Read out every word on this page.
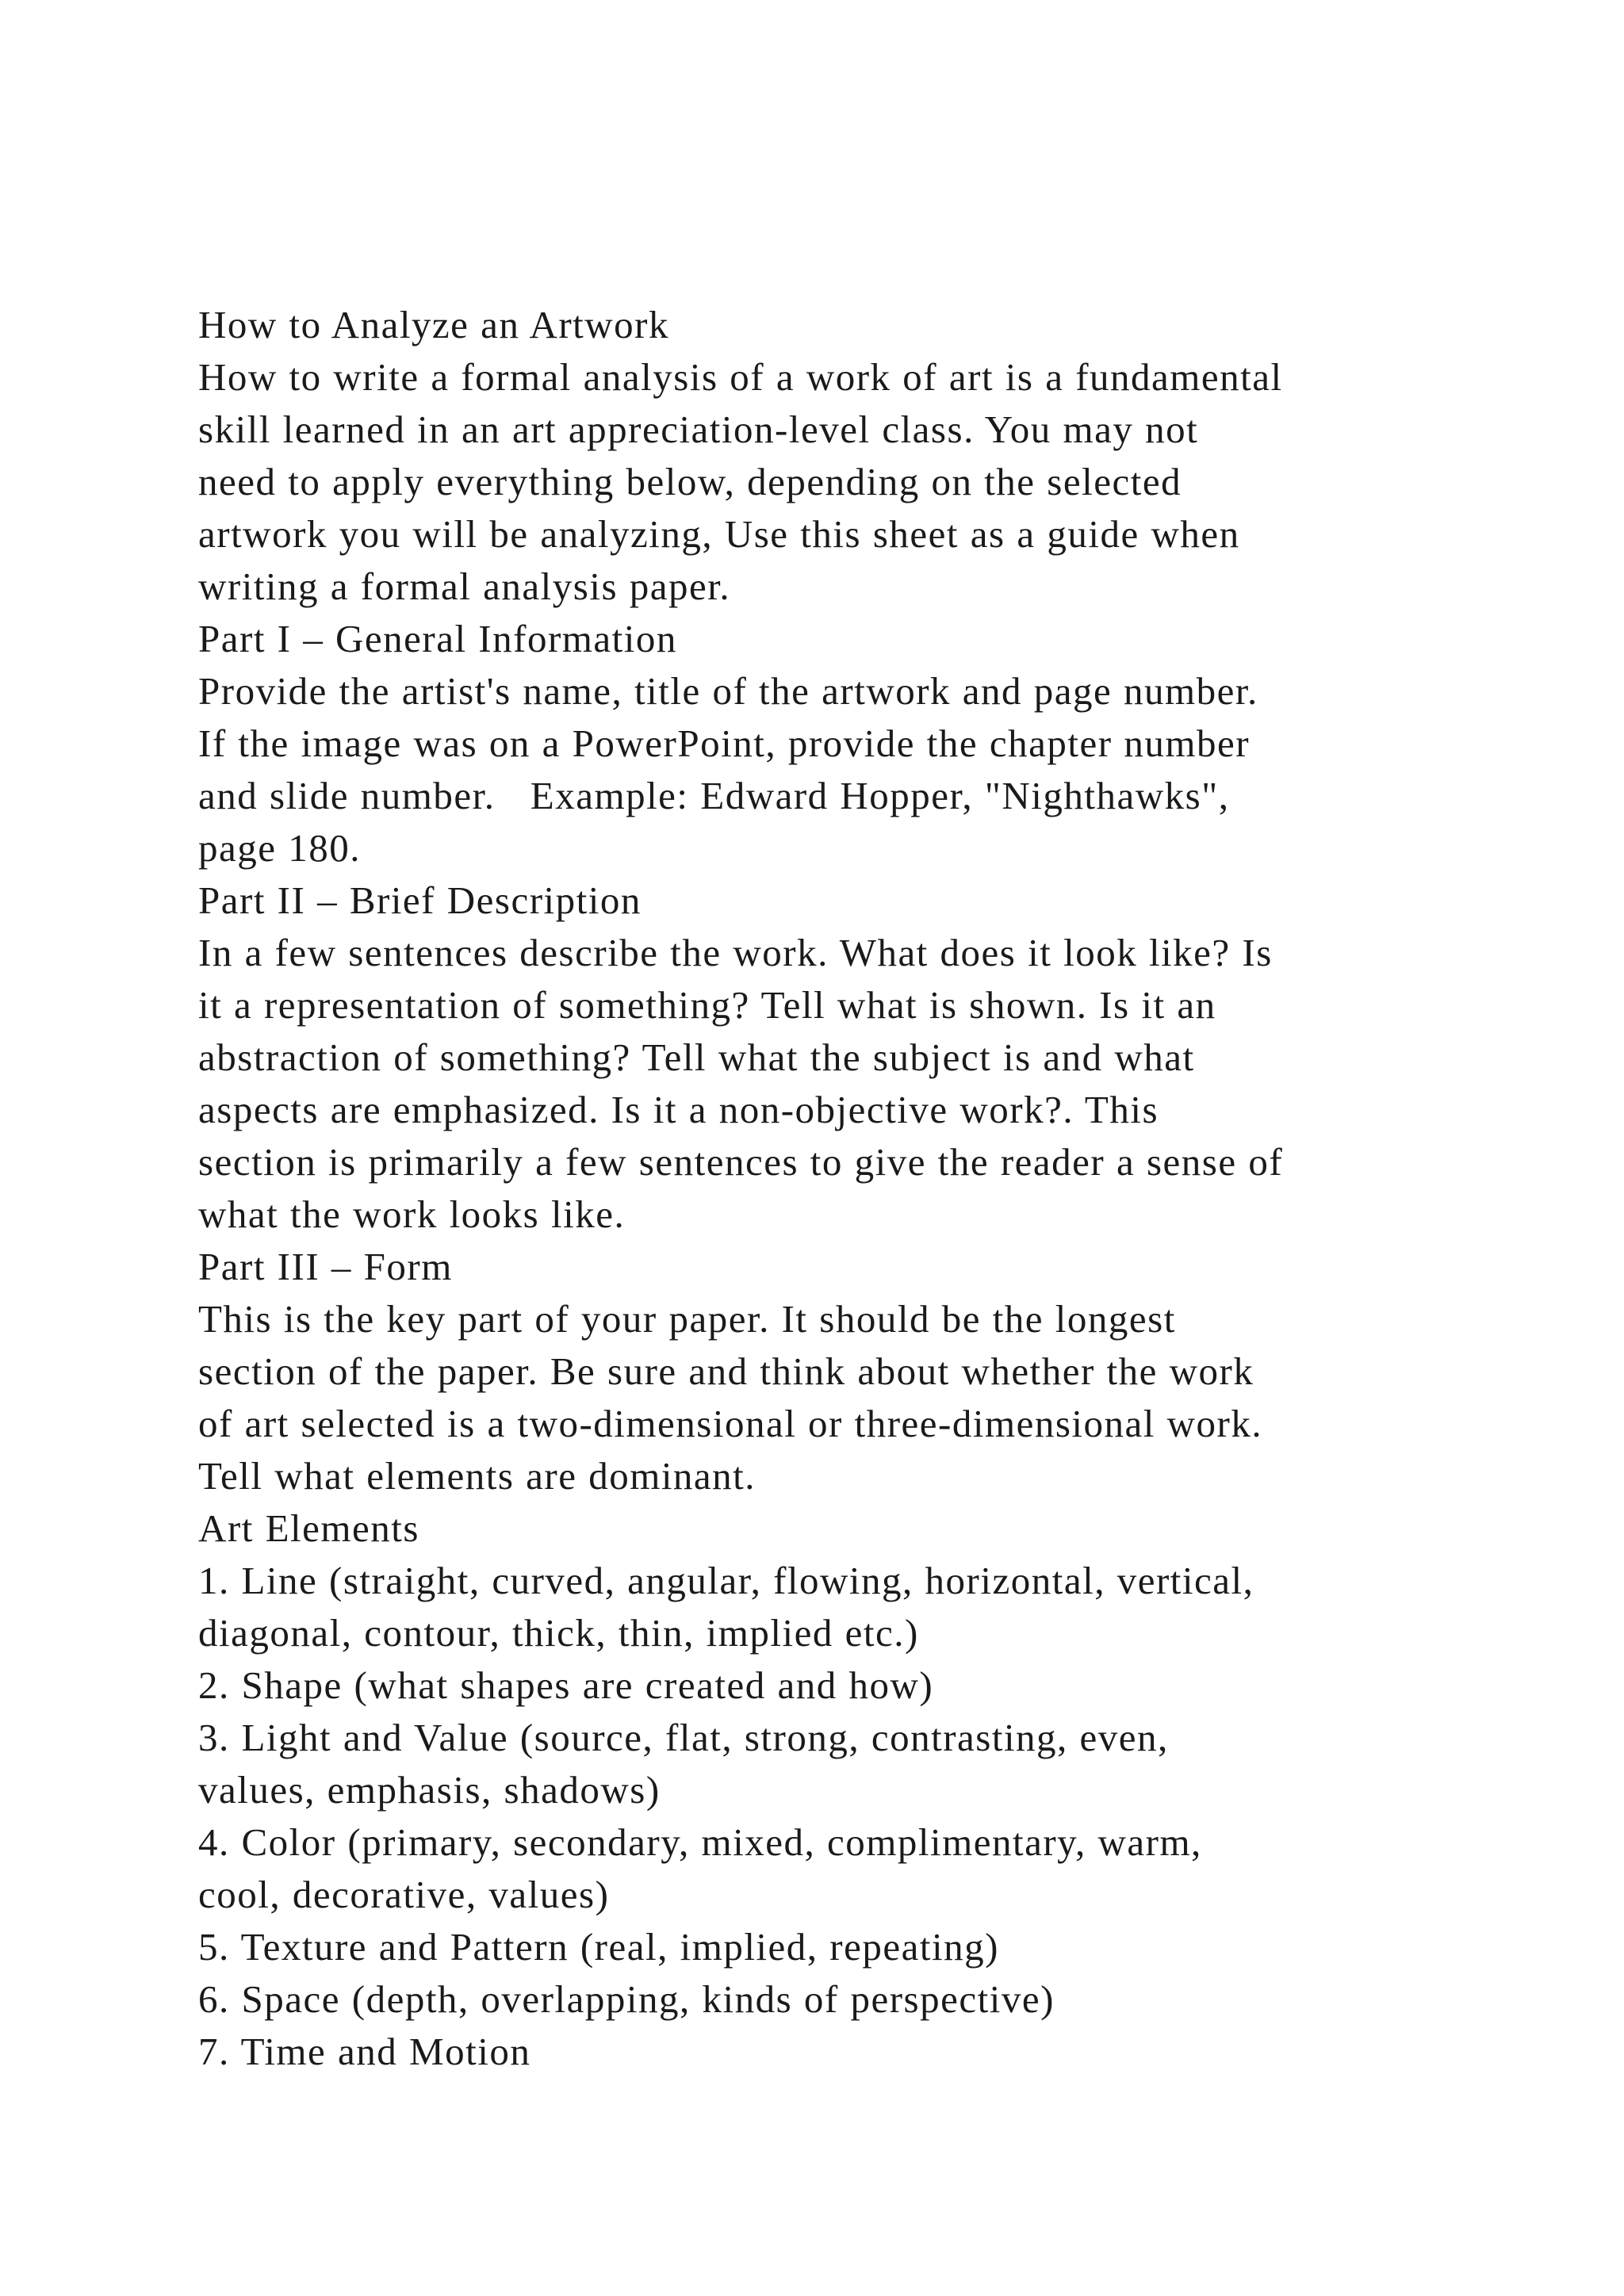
How to Analyze an Artwork
How to write a formal analysis of a work of art is a fundamental
skill learned in an art appreciation-level class. You may not
need to apply everything below, depending on the selected
artwork you will be analyzing, Use this sheet as a guide when
writing a formal analysis paper.
Part I – General Information
Provide the artist's name, title of the artwork and page number.
If the image was on a PowerPoint, provide the chapter number
and slide number.   Example: Edward Hopper, "Nighthawks",
page 180.
Part II – Brief Description
In a few sentences describe the work. What does it look like? Is
it a representation of something? Tell what is shown. Is it an
abstraction of something? Tell what the subject is and what
aspects are emphasized. Is it a non-objective work?. This
section is primarily a few sentences to give the reader a sense of
what the work looks like.
Part III – Form
This is the key part of your paper. It should be the longest
section of the paper. Be sure and think about whether the work
of art selected is a two-dimensional or three-dimensional work.
Tell what elements are dominant.
Art Elements
1. Line (straight, curved, angular, flowing, horizontal, vertical,
diagonal, contour, thick, thin, implied etc.)
2. Shape (what shapes are created and how)
3. Light and Value (source, flat, strong, contrasting, even,
values, emphasis, shadows)
4. Color (primary, secondary, mixed, complimentary, warm,
cool, decorative, values)
5. Texture and Pattern (real, implied, repeating)
6. Space (depth, overlapping, kinds of perspective)
7. Time and Motion
